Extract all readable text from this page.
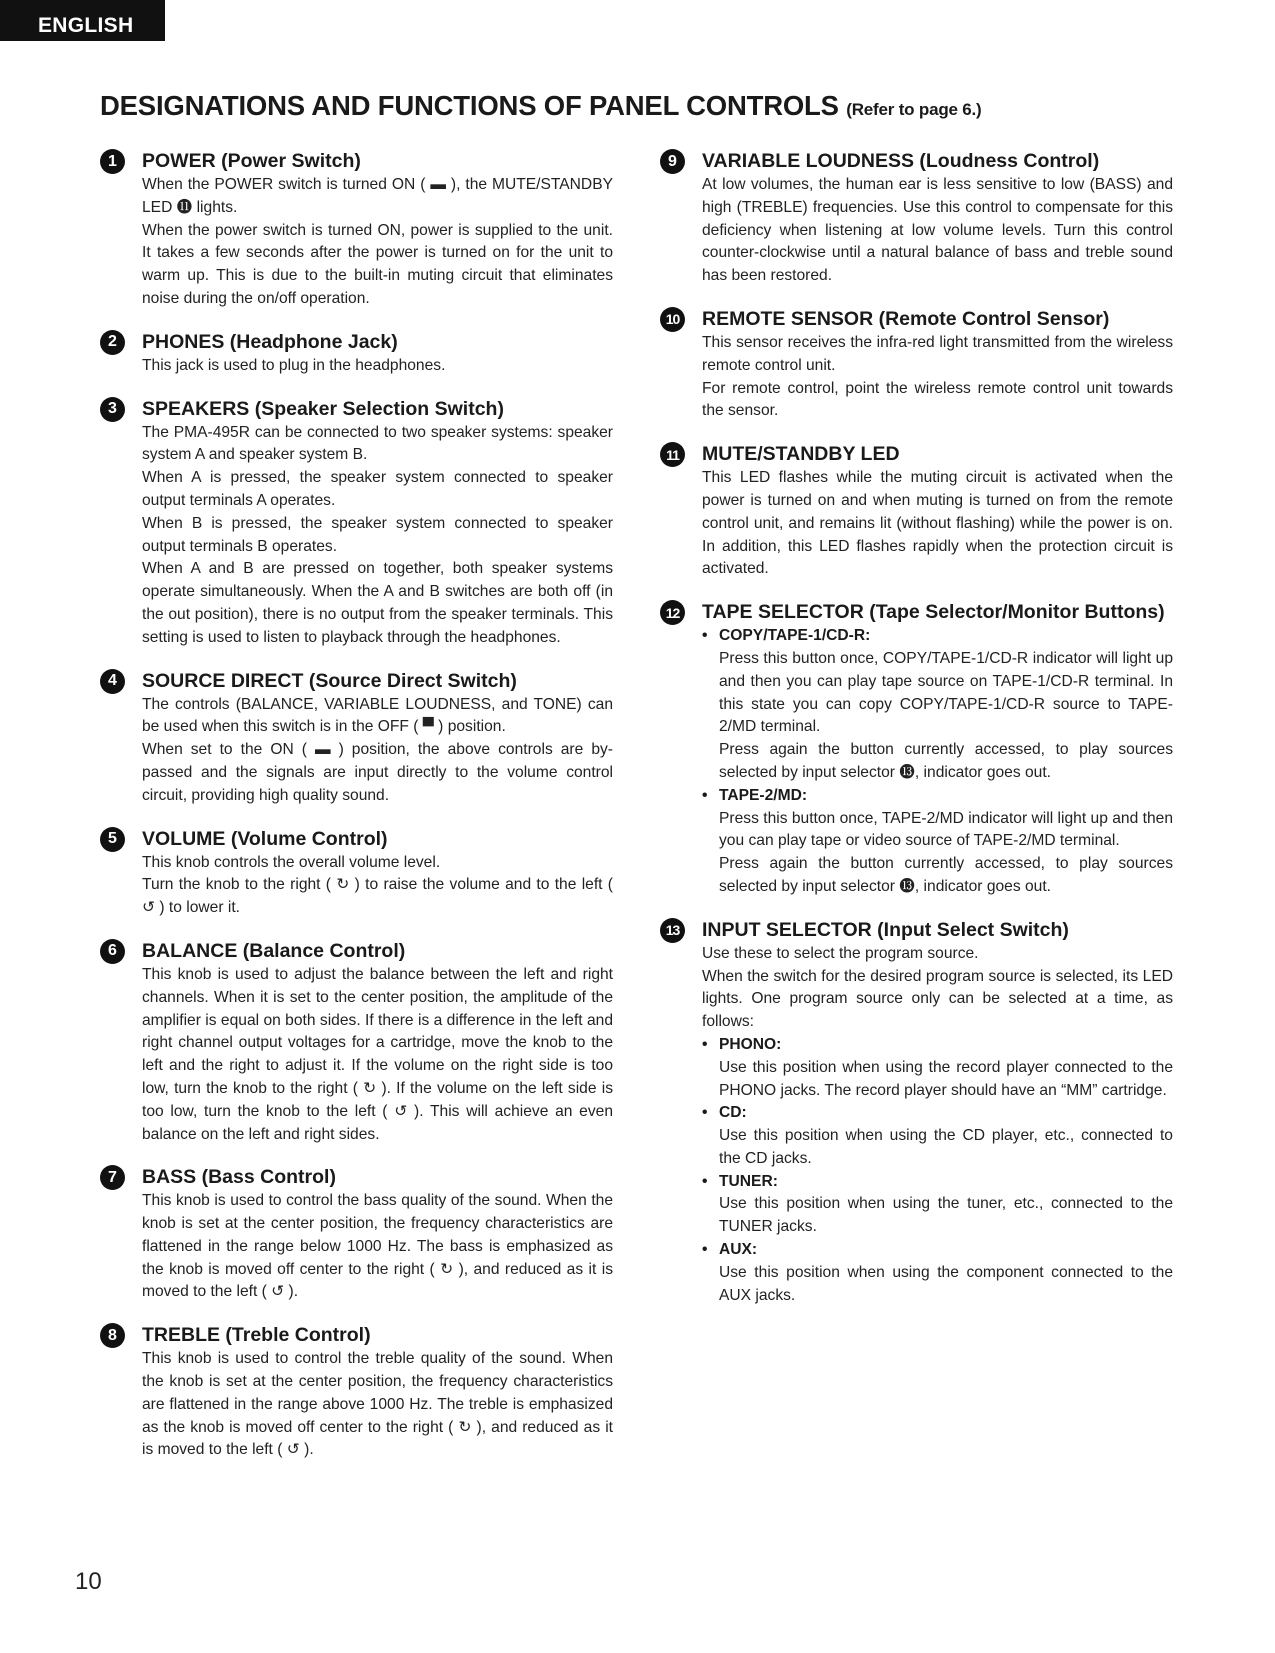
ENGLISH
DESIGNATIONS AND FUNCTIONS OF PANEL CONTROLS (Refer to page 6.)
1	POWER (Power Switch)

When the POWER switch is turned ON ( ▬ ), the MUTE/STANDBY LED ⓫ lights.

When the power switch is turned ON, power is supplied to the unit. It takes a few seconds after the power is turned on for the unit to warm up. This is due to the built-in muting circuit that eliminates noise during the on/off operation.

2	PHONES (Headphone Jack)

This jack is used to plug in the headphones.

3	SPEAKERS (Speaker Selection Switch)

The PMA-495R can be connected to two speaker systems: speaker system A and speaker system B.

When A is pressed, the speaker system connected to speaker output terminals A operates.

When B is pressed, the speaker system connected to speaker output terminals B operates.

When A and B are pressed on together, both speaker systems operate simultaneously. When the A and B switches are both off (in the out position), there is no output from the speaker terminals. This setting is used to listen to playback through the headphones.

4	SOURCE DIRECT (Source Direct Switch)

The controls (BALANCE, VARIABLE LOUDNESS, and TONE) can be used when this switch is in the OFF ( ▀ ) position.

When set to the ON ( ▬ ) position, the above controls are by-passed and the signals are input directly to the volume control circuit, providing high quality sound.

5	VOLUME (Volume Control)

This knob controls the overall volume level.

Turn the knob to the right ( ↻ ) to raise the volume and to the left ( ↺ ) to lower it.

6	BALANCE (Balance Control)

This knob is used to adjust the balance between the left and right channels. When it is set to the center position, the amplitude of the amplifier is equal on both sides. If there is a difference in the left and right channel output voltages for a cartridge, move the knob to the left and the right to adjust it. If the volume on the right side is too low, turn the knob to the right ( ↻ ). If the volume on the left side is too low, turn the knob to the left ( ↺ ). This will achieve an even balance on the left and right sides.

7	BASS (Bass Control)

This knob is used to control the bass quality of the sound. When the knob is set at the center position, the frequency characteristics are flattened in the range below 1000 Hz. The bass is emphasized as the knob is moved off center to the right ( ↻ ), and reduced as it is moved to the left ( ↺ ).

8	TREBLE (Treble Control)

This knob is used to control the treble quality of the sound. When the knob is set at the center position, the frequency characteristics are flattened in the range above 1000 Hz. The treble is emphasized as the knob is moved off center to the right ( ↻ ), and reduced as it is moved to the left ( ↺ ).

9	VARIABLE LOUDNESS (Loudness Control)

At low volumes, the human ear is less sensitive to low (BASS) and high (TREBLE) frequencies. Use this control to compensate for this deficiency when listening at low volume levels. Turn this control counter-clockwise until a natural balance of bass and treble sound has been restored.

10 REMOTE SENSOR (Remote Control Sensor)

This sensor receives the infra-red light transmitted from the wireless remote control unit.

For remote control, point the wireless remote control unit towards the sensor.

11	MUTE/STANDBY LED

This LED flashes while the muting circuit is activated when the power is turned on and when muting is turned on from the remote control unit, and remains lit (without flashing) while the power is on. In addition, this LED flashes rapidly when the protection circuit is activated.

12 TAPE SELECTOR (Tape Selector/Monitor Buttons)
• COPY/TAPE-1/CD-R:

Press this button once, COPY/TAPE-1/CD-R indicator will light up and then you can play tape source on TAPE-1/CD-R terminal. In this state you can copy COPY/TAPE-1/CD-R source to TAPE-2/MD terminal.

Press again the button currently accessed, to play sources selected by input selector ⓭, indicator goes out.

• TAPE-2/MD:

Press this button once, TAPE-2/MD indicator will light up and then you can play tape or video source of TAPE-2/MD terminal.

Press again the button currently accessed, to play sources selected by input selector ⓭, indicator goes out.

13 INPUT SELECTOR (Input Select Switch)

Use these to select the program source.

When the switch for the desired program source is selected, its LED lights. One program source only can be selected at a time, as follows:

• PHONO:

Use this position when using the record player connected to the PHONO jacks. The record player should have an “MM” cartridge.

• CD:

Use this position when using the CD player, etc., connected to the CD jacks.

• TUNER:

Use this position when using the tuner, etc., connected to the TUNER jacks.

• AUX:

Use this position when using the component connected to the AUX jacks.

10
